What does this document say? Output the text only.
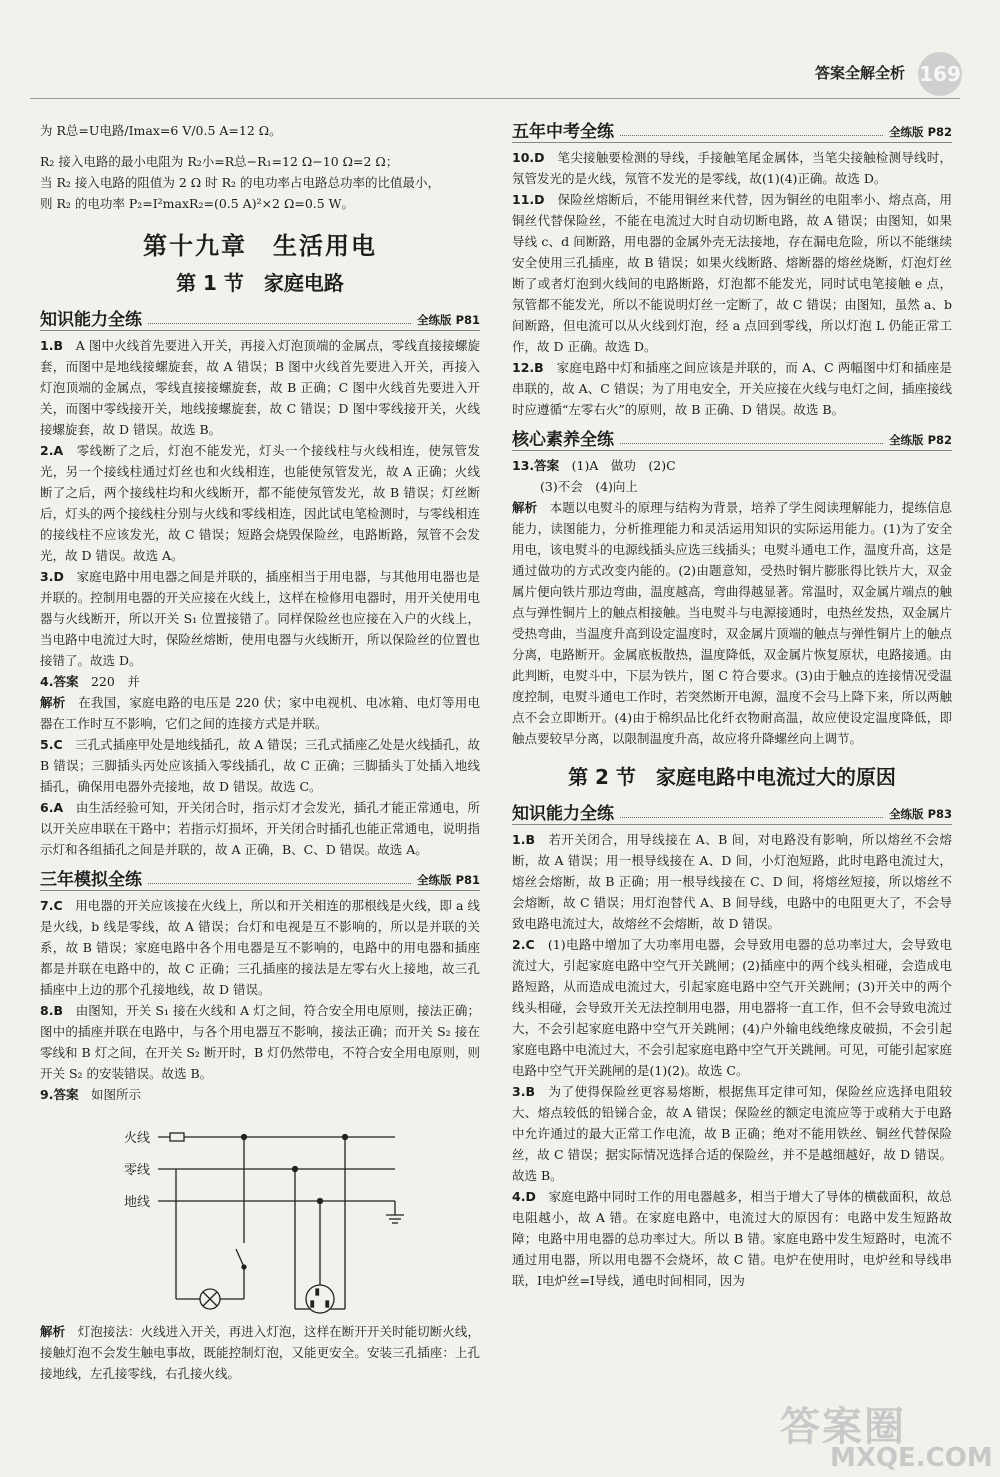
答案全解全析 169

为 R总=U电路/Imax=6 V/0.5 A=12 Ω。

R₂ 接入电路的最小电阻为 R₂小=R总−R₁=12 Ω−10 Ω=2 Ω；

当 R₂ 接入电路的阻值为 2 Ω 时 R₂ 的电功率占电路总功率的比值最小，

则 R₂ 的电功率 P₂=I²maxR₂=(0.5 A)²×2 Ω=0.5 W。

第十九章　生活用电
第 1 节　家庭电路
知识能力全练	全练版 P81

1.B　 A 图中火线首先要进入开关，再接入灯泡顶端的金属点，零线直接接螺旋套，而图中是地线接螺旋套，故 A 错误；B 图中火线首先要进入开关，再接入灯泡顶端的金属点，零线直接接螺旋套，故 B 正确；C 图中火线首先要进入开关，而图中零线接开关，地线接螺旋套，故 C 错误；D 图中零线接开关，火线接螺旋套，故 D 错误。故选 B。

2.A　 零线断了之后，灯泡不能发光，灯头一个接线柱与火线相连，使氖管发光，另一个接线柱通过灯丝也和火线相连，也能使氖管发光，故 A 正确；火线断了之后，两个接线柱均和火线断开，都不能使氖管发光，故 B 错误；灯丝断后，灯头的两个接线柱分别与火线和零线相连，因此试电笔检测时，与零线相连的接线柱不应该发光，故 C 错误；短路会烧毁保险丝，电路断路，氖管不会发光，故 D 错误。故选 A。

3.D　 家庭电路中用电器之间是并联的，插座相当于用电器，与其他用电器也是并联的。控制用电器的开关应接在火线上，这样在检修用电器时，用开关使用电器与火线断开，所以开关 S₁ 位置接错了。同样保险丝也应接在入户的火线上，当电路中电流过大时，保险丝熔断，使用电器与火线断开，所以保险丝的位置也接错了。故选 D。

4.答案　 220　并

解析　 在我国，家庭电路的电压是 220 伏；家中电视机、电冰箱、电灯等用电器在工作时互不影响，它们之间的连接方式是并联。

5.C　 三孔式插座甲处是地线插孔，故 A 错误；三孔式插座乙处是火线插孔，故 B 错误；三脚插头丙处应该插入零线插孔，故 C 正确；三脚插头丁处插入地线插孔，确保用电器外壳接地，故 D 错误。故选 C。

6.A　 由生活经验可知，开关闭合时，指示灯才会发光，插孔才能正常通电，所以开关应串联在干路中；若指示灯损坏，开关闭合时插孔也能正常通电，说明指示灯和各组插孔之间是并联的，故 A 正确，B、C、D 错误。故选 A。

三年模拟全练	全练版 P81

7.C　 用电器的开关应该接在火线上，所以和开关相连的那根线是火线，即 a 线是火线，b 线是零线，故 A 错误；台灯和电视是互不影响的，所以是并联的关系，故 B 错误；家庭电路中各个用电器是互不影响的，电路中的用电器和插座都是并联在电路中的，故 C 正确；三孔插座的接法是左零右火上接地，故三孔插座中上边的那个孔接地线，故 D 错误。

8.B　 由图知，开关 S₁ 接在火线和 A 灯之间，符合安全用电原则，接法正确；图中的插座并联在电路中，与各个用电器互不影响，接法正确；而开关 S₂ 接在零线和 B 灯之间，在开关 S₂ 断开时，B 灯仍然带电，不符合安全用电原则，则开关 S₂ 的安装错误。故选 B。

9.答案　 如图所示

火线
零线
地线

解析　 灯泡接法：火线进入开关，再进入灯泡，这样在断开开关时能切断火线，接触灯泡不会发生触电事故，既能控制灯泡，又能更安全。安装三孔插座：上孔接地线，左孔接零线，右孔接火线。

五年中考全练	全练版 P82

10.D　 笔尖接触要检测的导线，手接触笔尾金属体，当笔尖接触检测导线时，氖管发光的是火线，氖管不发光的是零线，故(1)(4)正确。故选 D。

11.D　 保险丝熔断后，不能用铜丝来代替，因为铜丝的电阻率小、熔点高，用铜丝代替保险丝，不能在电流过大时自动切断电路，故 A 错误；由图知，如果导线 c、d 间断路，用电器的金属外壳无法接地，存在漏电危险，所以不能继续安全使用三孔插座，故 B 错误；如果火线断路、熔断器的熔丝烧断，灯泡灯丝断了或者灯泡到火线间的电路断路，灯泡都不能发光，同时试电笔接触 e 点，氖管都不能发光，所以不能说明灯丝一定断了，故 C 错误；由图知，虽然 a、b 间断路，但电流可以从火线到灯泡，经 a 点回到零线，所以灯泡 L 仍能正常工作，故 D 正确。故选 D。

12.B　 家庭电路中灯和插座之间应该是并联的，而 A、C 两幅图中灯和插座是串联的，故 A、C 错误；为了用电安全，开关应接在火线与电灯之间，插座接线时应遵循“左零右火”的原则，故 B 正确、D 错误。故选 B。

核心素养全练	全练版 P82

13.答案　 (1)A　做功　(2)C

(3)不会　(4)向上

解析　 本题以电熨斗的原理与结构为背景，培养了学生阅读理解能力，提练信息能力，读图能力，分析推理能力和灵活运用知识的实际运用能力。(1)为了安全用电，该电熨斗的电源线插头应选三线插头；电熨斗通电工作，温度升高，这是通过做功的方式改变内能的。(2)由题意知，受热时铜片膨胀得比铁片大，双金属片便向铁片那边弯曲，温度越高，弯曲得越显著。常温时，双金属片端点的触点与弹性铜片上的触点相接触。当电熨斗与电源接通时，电热丝发热，双金属片受热弯曲，当温度升高到设定温度时，双金属片顶端的触点与弹性铜片上的触点分离，电路断开。金属底板散热，温度降低，双金属片恢复原状，电路接通。由此判断，电熨斗中，下层为铁片，图 C 符合要求。(3)由于触点的连接情况受温度控制，电熨斗通电工作时，若突然断开电源，温度不会马上降下来，所以两触点不会立即断开。(4)由于棉织品比化纤衣物耐高温，故应使设定温度降低，即触点要较早分离，以限制温度升高，故应将升降螺丝向上调节。

第 2 节　家庭电路中电流过大的原因
知识能力全练	全练版 P83

1.B　 若开关闭合，用导线接在 A、B 间，对电路没有影响，所以熔丝不会熔断，故 A 错误；用一根导线接在 A、D 间，小灯泡短路，此时电路电流过大，熔丝会熔断，故 B 正确；用一根导线接在 C、D 间，将熔丝短接，所以熔丝不会熔断，故 C 错误；用灯泡替代 A、B 间导线，电路中的电阻更大了，不会导致电路电流过大，故熔丝不会熔断，故 D 错误。

2.C　 (1)电路中增加了大功率用电器，会导致用电器的总功率过大，会导致电流过大，引起家庭电路中空气开关跳闸；(2)插座中的两个线头相碰，会造成电路短路，从而造成电流过大，引起家庭电路中空气开关跳闸；(3)开关中的两个线头相碰，会导致开关无法控制用电器，用电器将一直工作，但不会导致电流过大，不会引起家庭电路中空气开关跳闸；(4)户外输电线绝缘皮破损，不会引起家庭电路中电流过大，不会引起家庭电路中空气开关跳闸。可见，可能引起家庭电路中空气开关跳闸的是(1)(2)。故选 C。

3.B　 为了使得保险丝更容易熔断，根据焦耳定律可知，保险丝应选择电阻较大、熔点较低的铅锑合金，故 A 错误；保险丝的额定电流应等于或稍大于电路中允许通过的最大正常工作电流，故 B 正确；绝对不能用铁丝、铜丝代替保险丝，故 C 错误；据实际情况选择合适的保险丝，并不是越细越好，故 D 错误。故选 B。

4.D　 家庭电路中同时工作的用电器越多，相当于增大了导体的横截面积，故总电阻越小，故 A 错。在家庭电路中，电流过大的原因有：电路中发生短路故障；电路中用电器的总功率过大。所以 B 错。家庭电路中发生短路时，电流不通过用电器，所以用电器不会烧坏，故 C 错。电炉在使用时，电炉丝和导线串联，I电炉丝=I导线，通电时间相同，因为

答案圈
MXQE.COM
